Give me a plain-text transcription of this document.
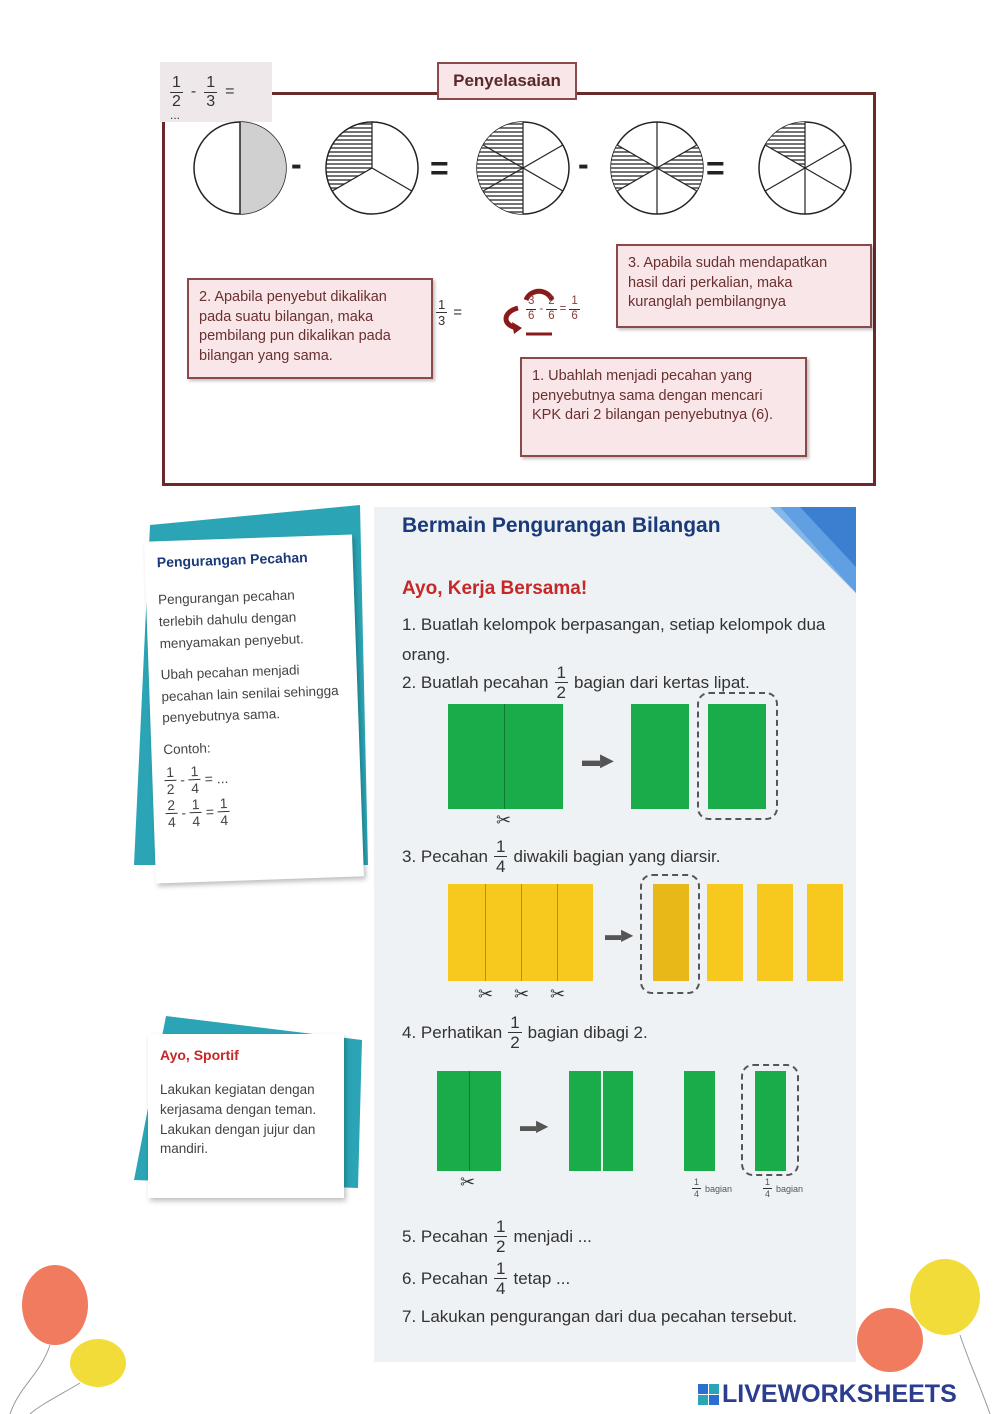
Penyelasaian
$\frac{1}{2} - \frac{1}{3}$ =
...
-	=	-	=
3. Apabila sudah mendapatkan hasil dari perkalian, maka kuranglah pembilangnya
2. Apabila penyebut dikalikan pada suatu bilangan, maka pembilang pun dikalikan pada bilangan yang sama.
1. Ubahlah menjadi pecahan yang penyebutnya sama dengan mencari KPK dari 2 bilangan penyebutnya (6).
$\frac{1}{3}$ =	$\frac{3}{6} - \frac{2}{6} = \frac{1}{6}$
Pengurangan Pecahan

Pengurangan pecahan terlebih dahulu dengan menyamakan penyebut.

Ubah pecahan menjadi pecahan lain senilai sehingga penyebutnya sama.

Contoh:

$\frac{1}{2} - \frac{1}{4}$ = ...
$\frac{2}{4} - \frac{1}{4} = \frac{1}{4}$
Ayo, Sportif

Lakukan kegiatan dengan kerjasama dengan teman. Lakukan dengan jujur dan mandiri.

Bermain Pengurangan Bilangan
Ayo, Kerja Bersama!
1. Buatlah kelompok berpasangan, setiap kelompok dua orang.
2. Buatlah pecahan $\frac{1}{2}$ bagian dari kertas lipat.
✂
▬▶
3. Pecahan $\frac{1}{4}$ diwakili bagian yang diarsir.
✂ ✂ ✂
▬▶
4. Perhatikan $\frac{1}{2}$ bagian dibagi 2.
✂
▬▶
$\frac{1}{4}$ bagian	$\frac{1}{4}$ bagian
5. Pecahan $\frac{1}{2}$ menjadi ...
6. Pecahan $\frac{1}{4}$ tetap ...
7. Lakukan pengurangan dari dua pecahan tersebut.
LIVEWORKSHEETS
